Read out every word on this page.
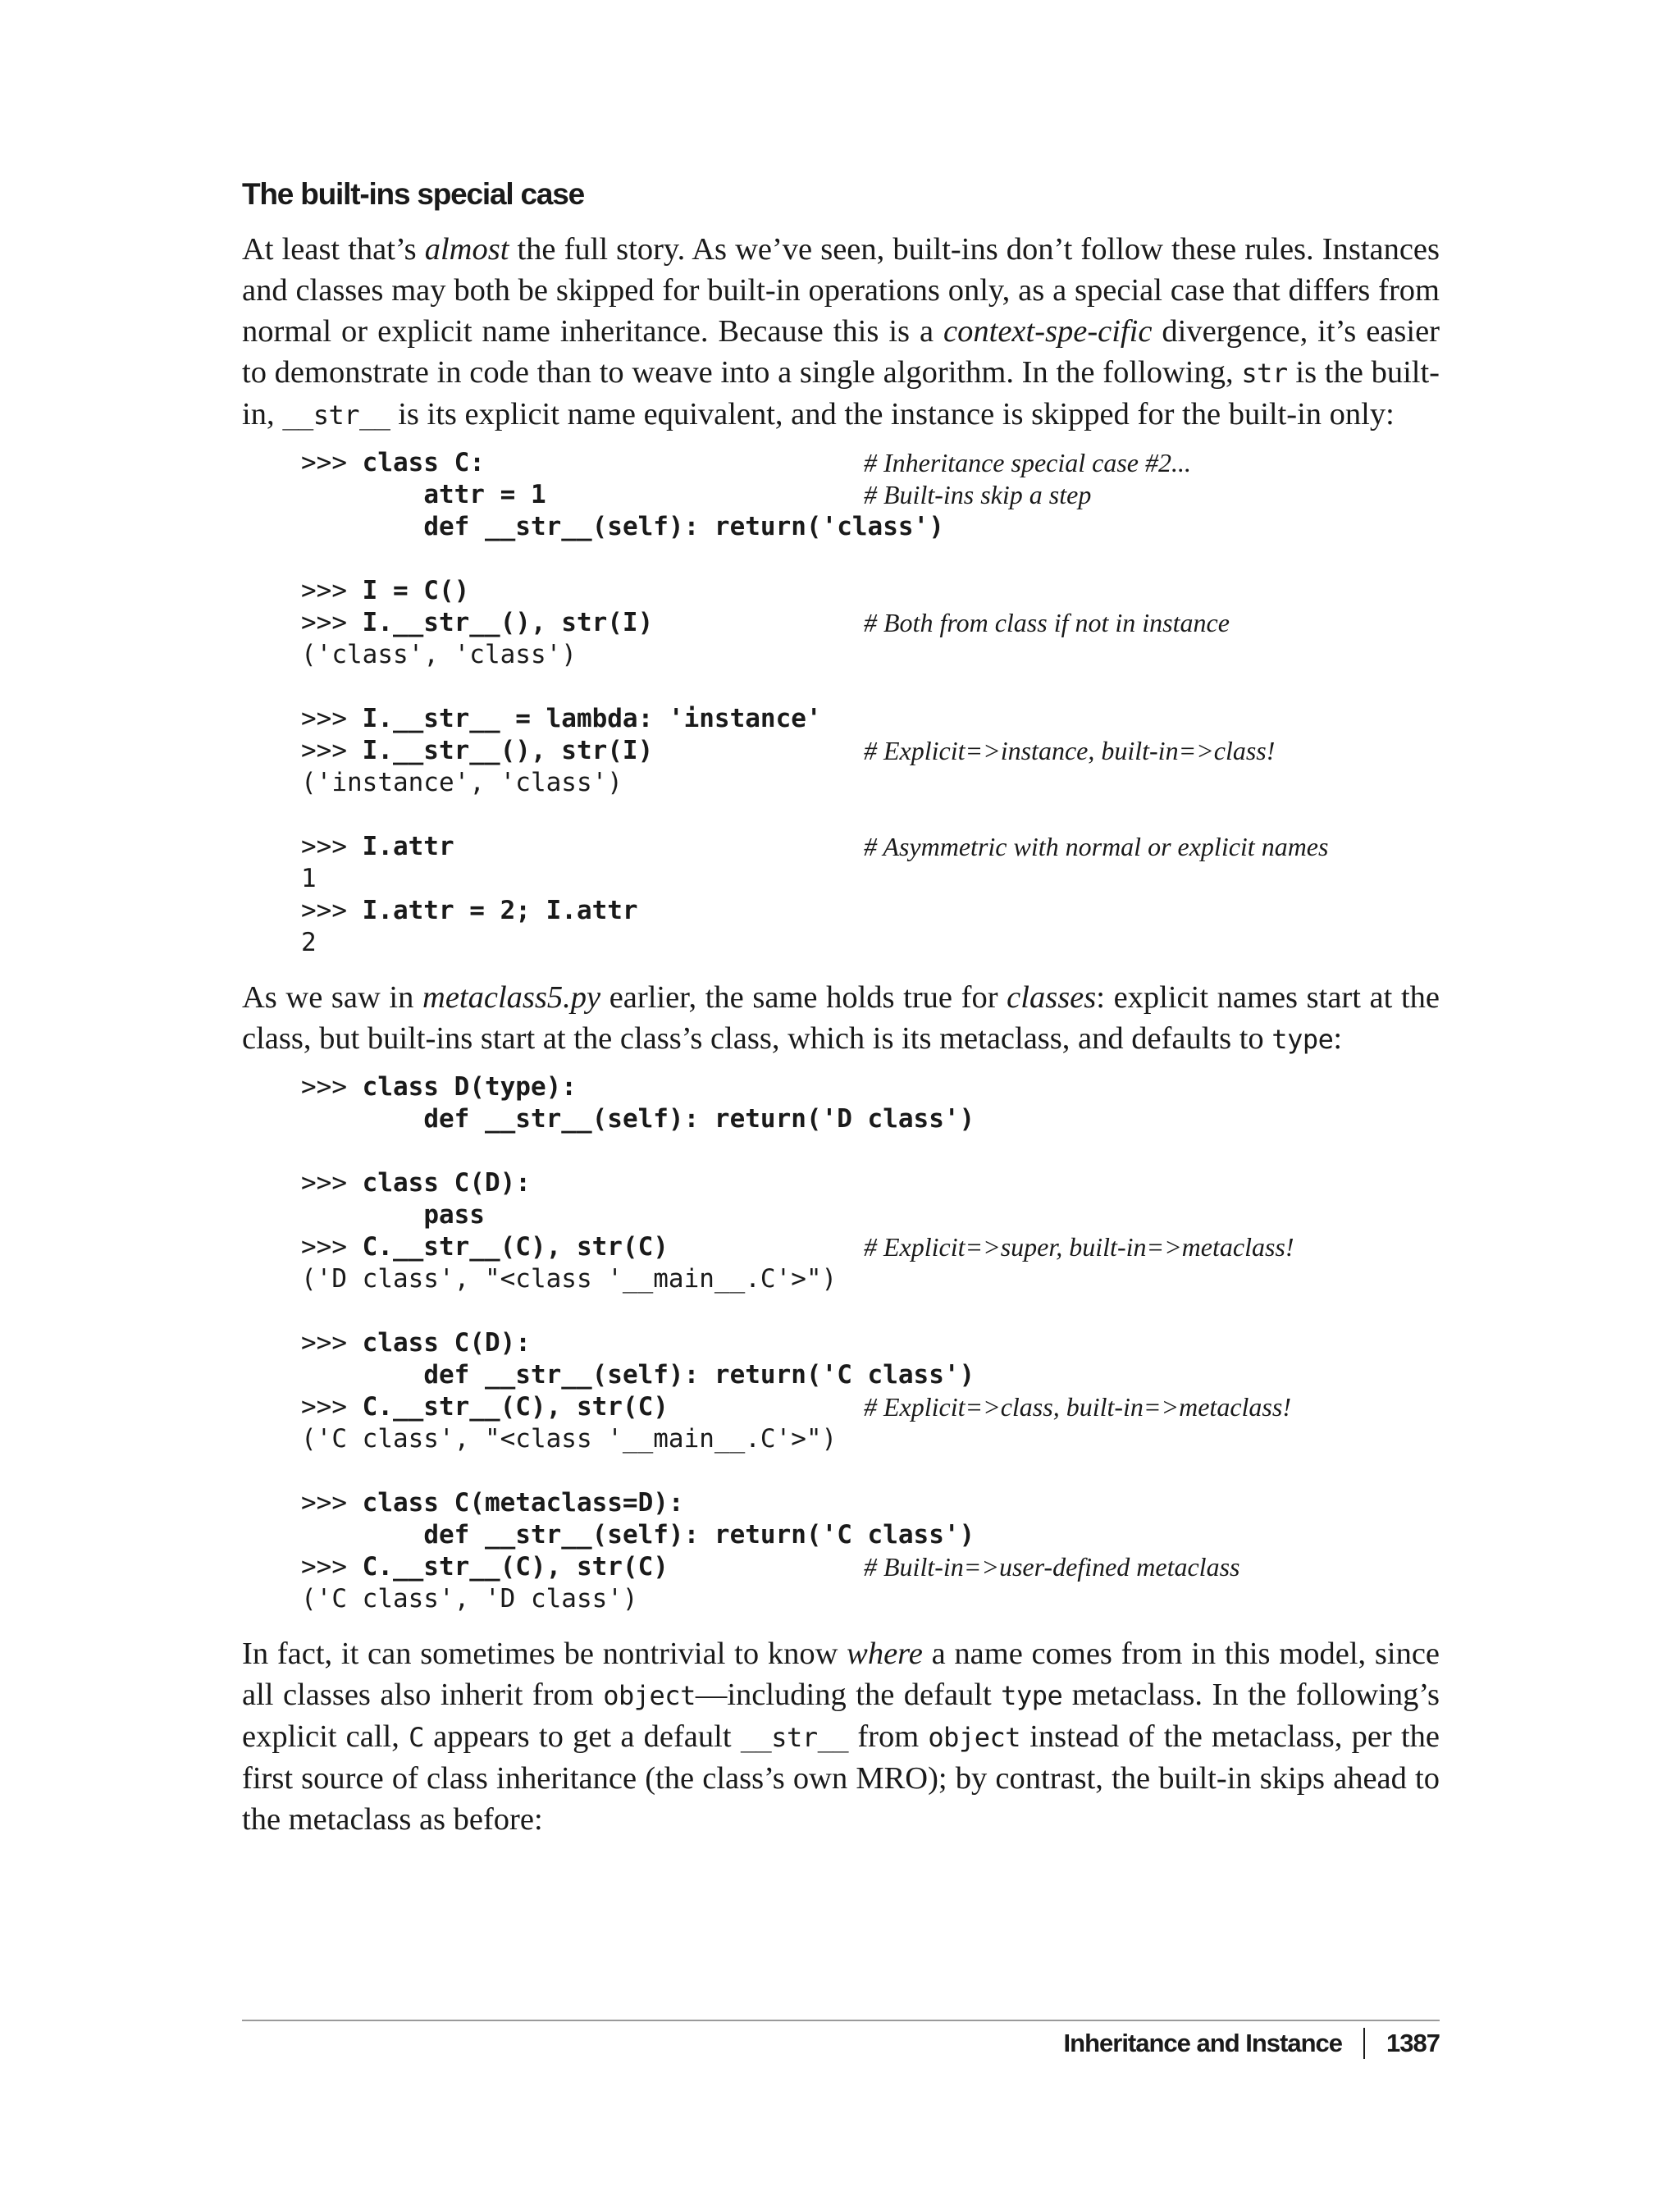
The built-ins special case

At least that’s almost the full story. As we’ve seen, built-ins don’t follow these rules. Instances and classes may both be skipped for built-in operations only, as a special case that differs from normal or explicit name inheritance. Because this is a context-spe-cific divergence, it’s easier to demonstrate in code than to weave into a single algorithm. In the following, str is the built-in, __str__ is its explicit name equivalent, and the instance is skipped for the built-in only:

>>> class C:	# Inheritance special case #2...
attr = 1	# Built-ins skip a step
def __str__(self): return('class')
>>> I = C()
>>> I.__str__(), str(I)	# Both from class if not in instance
('class', 'class')
>>> I.__str__ = lambda: 'instance'
>>> I.__str__(), str(I)	# Explicit=>instance, built-in=>class!
('instance', 'class')
>>> I.attr	# Asymmetric with normal or explicit names
1
>>> I.attr = 2; I.attr
2

As we saw in metaclass5.py earlier, the same holds true for classes: explicit names start at the class, but built-ins start at the class’s class, which is its metaclass, and defaults to type:

>>> class D(type):
def __str__(self): return('D class')
>>> class C(D):
pass
>>> C.__str__(C), str(C)	# Explicit=>super, built-in=>metaclass!
('D class', "<class '__main__.C'>")
>>> class C(D):
def __str__(self): return('C class')
>>> C.__str__(C), str(C)	# Explicit=>class, built-in=>metaclass!
('C class', "<class '__main__.C'>")
>>> class C(metaclass=D):
def __str__(self): return('C class')
>>> C.__str__(C), str(C)	# Built-in=>user-defined metaclass
('C class', 'D class')

In fact, it can sometimes be nontrivial to know where a name comes from in this model, since all classes also inherit from object—including the default type metaclass. In the following’s explicit call, C appears to get a default __str__ from object instead of the metaclass, per the first source of class inheritance (the class’s own MRO); by contrast, the built-in skips ahead to the metaclass as before:

Inheritance and Instance 1387
